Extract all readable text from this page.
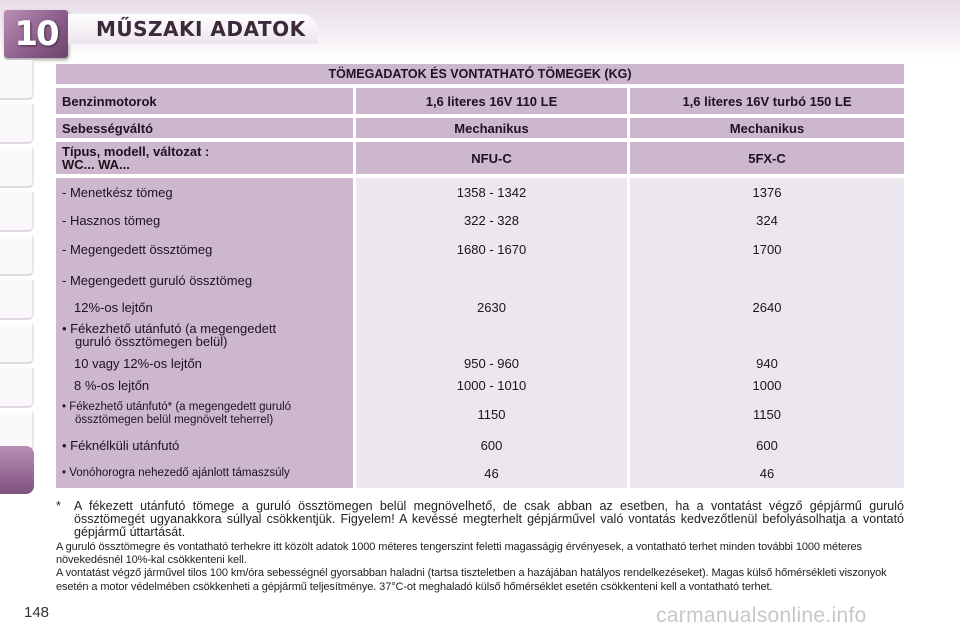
10 MŰSZAKI ADATOK
TÖMEGADATOK ÉS VONTATHATÓ TÖMEGEK (KG)		

Benzinmotorok	1,6 literes 16V 110 LE	1,6 literes 16V turbó 150 LE

Sebességváltó	Mechanikus	Mechanikus

Típus, modell, változat :
WC... WA...	NFU-C	5FX-C

- Menetkész tömeg	1358 - 1342	1376
- Hasznos tömeg	322 - 328	324
- Megengedett össztömeg	1680 - 1670	1700
- Megengedett guruló össztömeg		
12%-os lejtőn	2630	2640

• Fékezhető utánfutó (a megengedett
guruló össztömegen belül)		

10 vagy 12%-os lejtőn	950 - 960	940
8 %-os lejtőn	1000 - 1010	1000

• Fékezhető utánfutó* (a megengedett guruló
össztömegen belül megnövelt teherrel)	1150	1150
• Féknélküli utánfutó	600	600
• Vonóhorogra nehezedő ajánlott támaszsúly	46	46
* A fékezett utánfutó tömege a guruló össztömegen belül megnövelhető, de csak abban az esetben, ha a vontatást végző gépjármű guruló össztömegét ugyanakkora súllyal csökkentjük. Figyelem! A kevéssé megterhelt gépjárművel való vontatás kedvezőtlenül befolyásolhatja a vontató gépjármű úttartását.

A guruló össztömegre és vontatható terhekre itt közölt adatok 1000 méteres tengerszint feletti magasságig érvényesek, a vontatható terhet minden további 1000 méteres növekedésnél 10%-kal csökkenteni kell.

A vontatást végző járművel tilos 100 km/óra sebességnél gyorsabban haladni (tartsa tiszteletben a hazájában hatályos rendelkezéseket). Magas külső hőmérsékleti viszonyok esetén a motor védelmében csökkenheti a gépjármű teljesítménye. 37°C-ot meghaladó külső hőmérséklet esetén csökkenteni kell a vontatható terhet.

148	carmanualsonline.info
